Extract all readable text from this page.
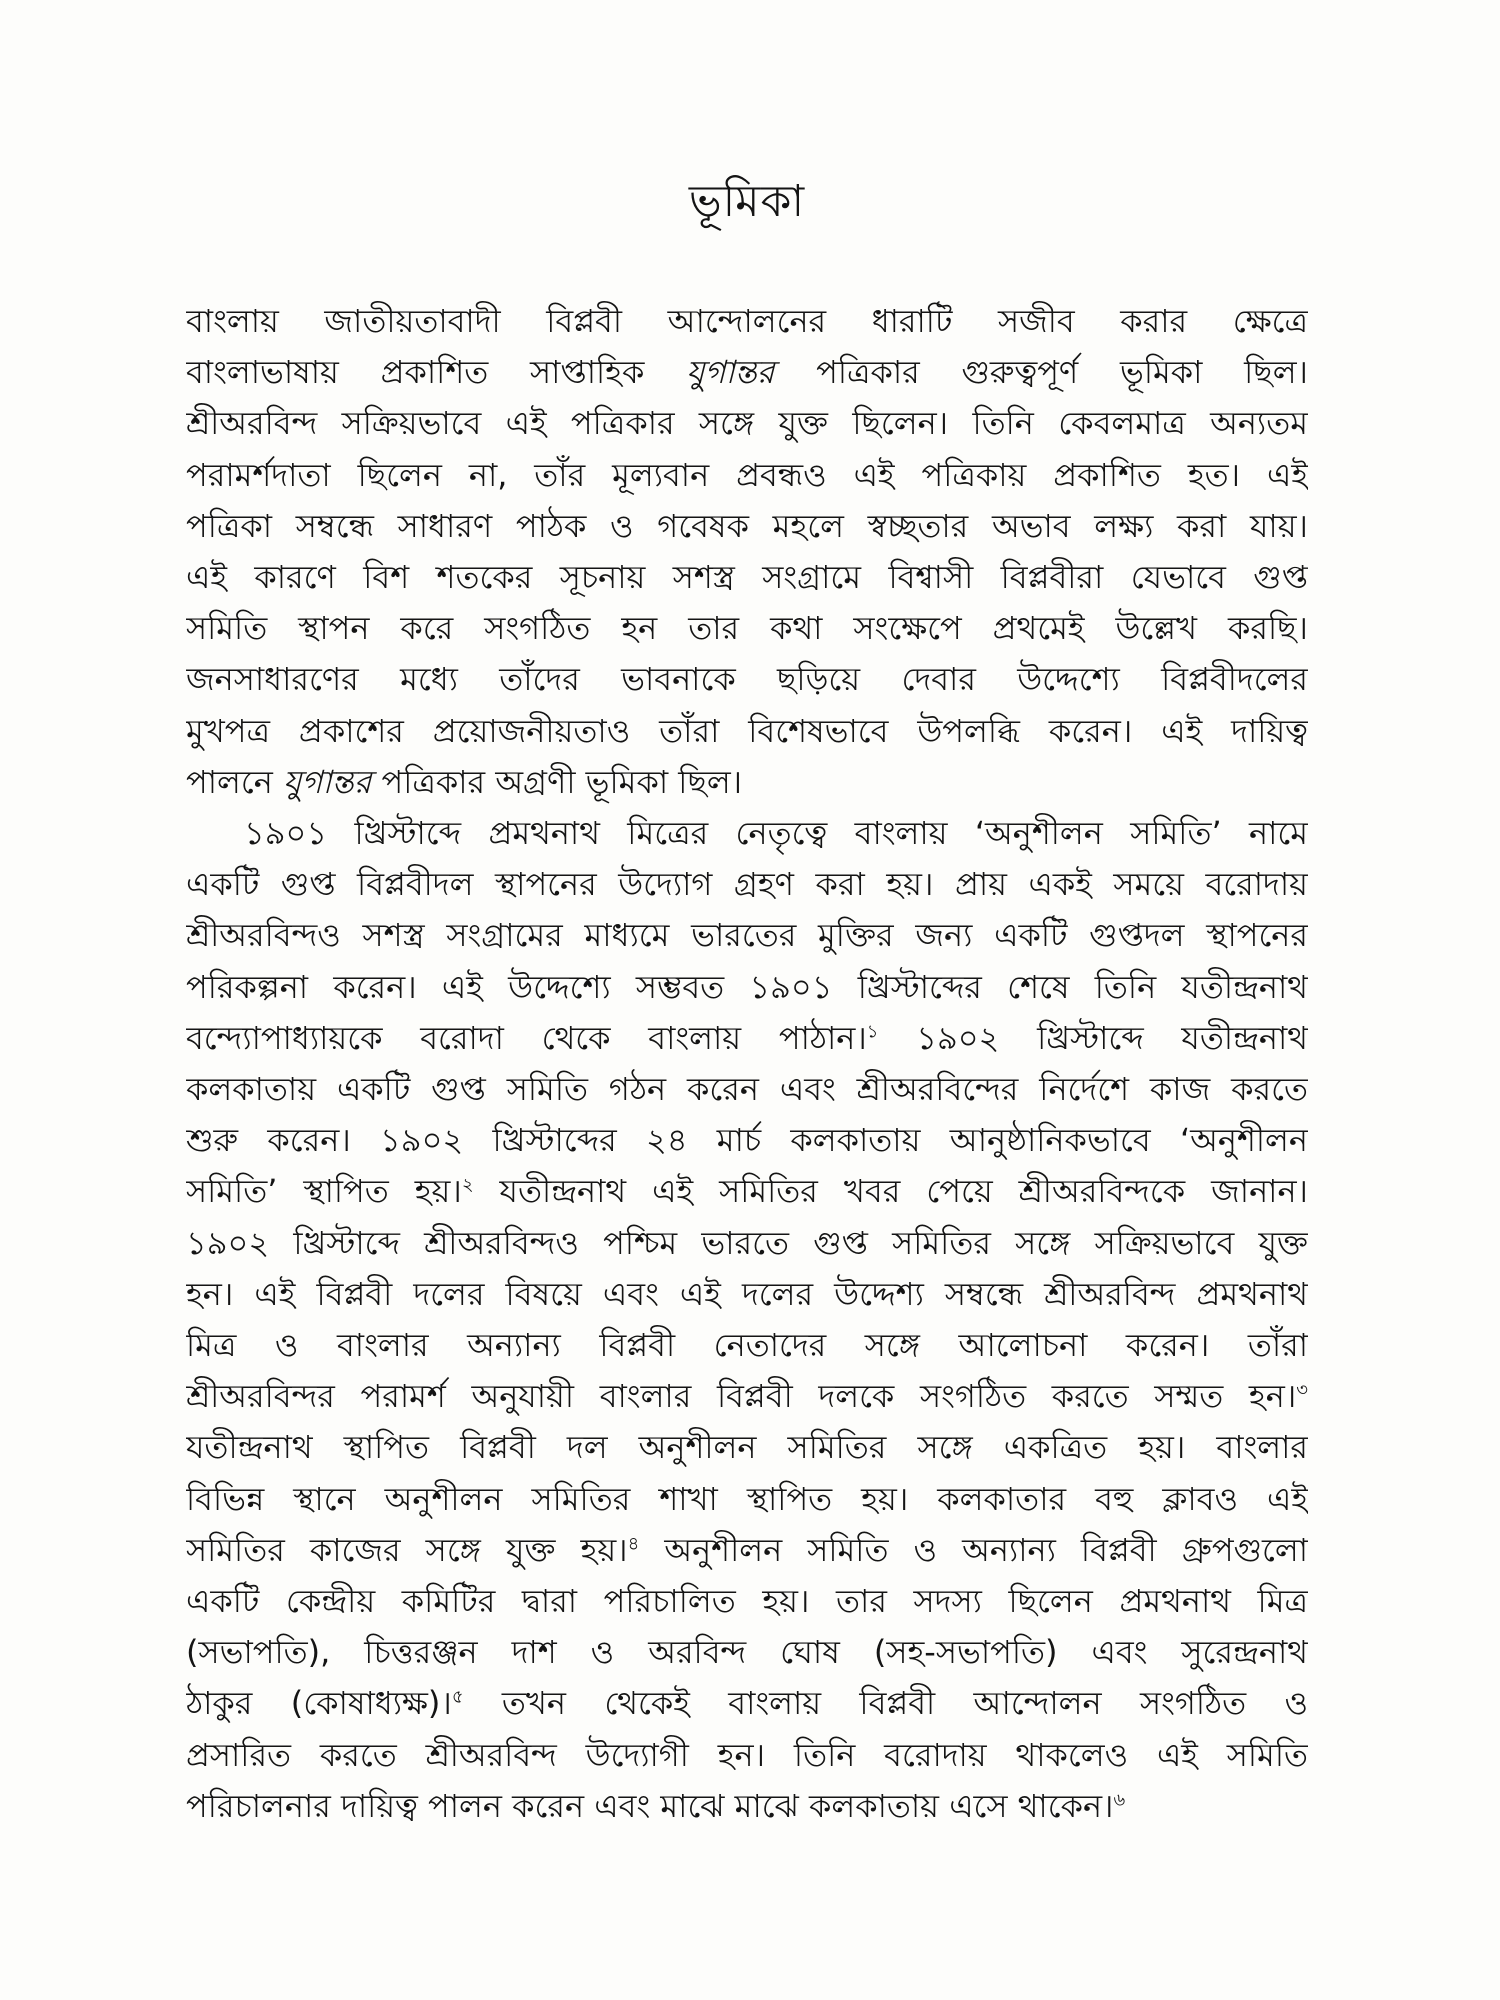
ভূমিকা

বাংলায় জাতীয়তাবাদী বিপ্লবী আন্দোলনের ধারাটি সজীব করার ক্ষেত্রে
বাংলাভাষায় প্রকাশিত সাপ্তাহিক যুগান্তর পত্রিকার গুরুত্বপূর্ণ ভূমিকা ছিল।
শ্রীঅরবিন্দ সক্রিয়ভাবে এই পত্রিকার সঙ্গে যুক্ত ছিলেন। তিনি কেবলমাত্র অন্যতম
পরামর্শদাতা ছিলেন না, তাঁর মূল্যবান প্রবন্ধও এই পত্রিকায় প্রকাশিত হত। এই
পত্রিকা সম্বন্ধে সাধারণ পাঠক ও গবেষক মহলে স্বচ্ছতার অভাব লক্ষ্য করা যায়।
এই কারণে বিশ শতকের সূচনায় সশস্ত্র সংগ্রামে বিশ্বাসী বিপ্লবীরা যেভাবে গুপ্ত
সমিতি স্থাপন করে সংগঠিত হন তার কথা সংক্ষেপে প্রথমেই উল্লেখ করছি।
জনসাধারণের মধ্যে তাঁদের ভাবনাকে ছড়িয়ে দেবার উদ্দেশ্যে বিপ্লবীদলের
মুখপত্র প্রকাশের প্রয়োজনীয়তাও তাঁরা বিশেষভাবে উপলব্ধি করেন। এই দায়িত্ব
পালনে যুগান্তর পত্রিকার অগ্রণী ভূমিকা ছিল।

১৯০১ খ্রিস্টাব্দে প্রমথনাথ মিত্রের নেতৃত্বে বাংলায় ‘অনুশীলন সমিতি’ নামে
একটি গুপ্ত বিপ্লবীদল স্থাপনের উদ্যোগ গ্রহণ করা হয়। প্রায় একই সময়ে বরোদায়
শ্রীঅরবিন্দও সশস্ত্র সংগ্রামের মাধ্যমে ভারতের মুক্তির জন্য একটি গুপ্তদল স্থাপনের
পরিকল্পনা করেন। এই উদ্দেশ্যে সম্ভবত ১৯০১ খ্রিস্টাব্দের শেষে তিনি যতীন্দ্রনাথ
বন্দ্যোপাধ্যায়কে বরোদা থেকে বাংলায় পাঠান।$^১$ ১৯০২ খ্রিস্টাব্দে যতীন্দ্রনাথ
কলকাতায় একটি গুপ্ত সমিতি গঠন করেন এবং শ্রীঅরবিন্দের নির্দেশে কাজ করতে
শুরু করেন। ১৯০২ খ্রিস্টাব্দের ২৪ মার্চ কলকাতায় আনুষ্ঠানিকভাবে ‘অনুশীলন
সমিতি’ স্থাপিত হয়।$^২$ যতীন্দ্রনাথ এই সমিতির খবর পেয়ে শ্রীঅরবিন্দকে জানান।
১৯০২ খ্রিস্টাব্দে শ্রীঅরবিন্দও পশ্চিম ভারতে গুপ্ত সমিতির সঙ্গে সক্রিয়ভাবে যুক্ত
হন। এই বিপ্লবী দলের বিষয়ে এবং এই দলের উদ্দেশ্য সম্বন্ধে শ্রীঅরবিন্দ প্রমথনাথ
মিত্র ও বাংলার অন্যান্য বিপ্লবী নেতাদের সঙ্গে আলোচনা করেন। তাঁরা
শ্রীঅরবিন্দর পরামর্শ অনুযায়ী বাংলার বিপ্লবী দলকে সংগঠিত করতে সম্মত হন।$^৩$
যতীন্দ্রনাথ স্থাপিত বিপ্লবী দল অনুশীলন সমিতির সঙ্গে একত্রিত হয়। বাংলার
বিভিন্ন স্থানে অনুশীলন সমিতির শাখা স্থাপিত হয়। কলকাতার বহু ক্লাবও এই
সমিতির কাজের সঙ্গে যুক্ত হয়।$^৪$ অনুশীলন সমিতি ও অন্যান্য বিপ্লবী গ্রুপগুলো
একটি কেন্দ্রীয় কমিটির দ্বারা পরিচালিত হয়। তার সদস্য ছিলেন প্রমথনাথ মিত্র
(সভাপতি), চিত্তরঞ্জন দাশ ও অরবিন্দ ঘোষ (সহ-সভাপতি) এবং সুরেন্দ্রনাথ
ঠাকুর (কোষাধ্যক্ষ)।$^৫$ তখন থেকেই বাংলায় বিপ্লবী আন্দোলন সংগঠিত ও
প্রসারিত করতে শ্রীঅরবিন্দ উদ্যোগী হন। তিনি বরোদায় থাকলেও এই সমিতি
পরিচালনার দায়িত্ব পালন করেন এবং মাঝে মাঝে কলকাতায় এসে থাকেন।$^৬$
